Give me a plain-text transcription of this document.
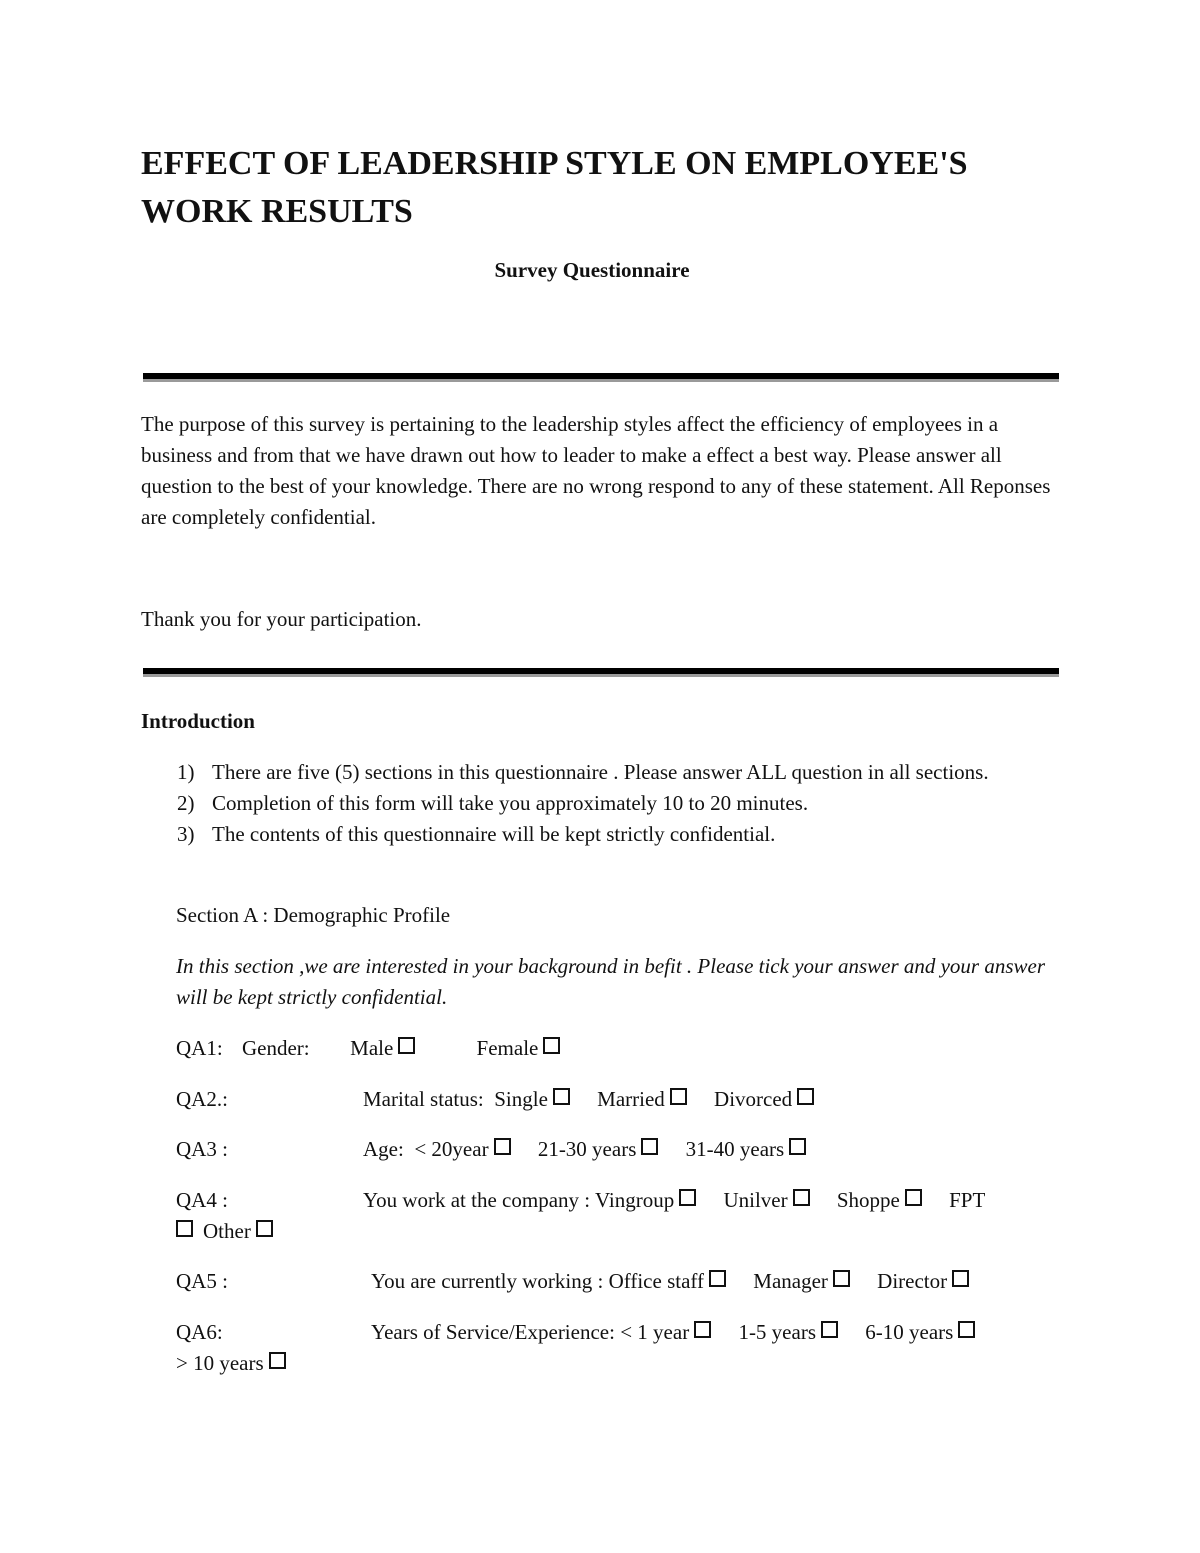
EFFECT OF LEADERSHIP STYLE ON EMPLOYEE'S WORK RESULTS

Survey Questionnaire

The purpose of this survey is pertaining to the leadership styles affect the efficiency of employees in a business and from that we have drawn out how to leader to make a effect a best way. Please answer all question to the best of your knowledge. There are no wrong respond to any of these statement. All Reponses are completely confidential.

Thank you for your participation.

Introduction

1) There are five (5) sections in this questionnaire . Please answer ALL question in all sections.
2) Completion of this form will take you approximately 10 to 20 minutes.
3) The contents of this questionnaire will be kept strictly confidential.

Section A : Demographic Profile

In this section ,we are interested in your background in befit . Please tick your answer and your answer will be kept strictly confidential.

QA1: Gender: Male	Female
QA2.:	Marital status: Single Married Divorced
QA3 :	Age: < 20year 21-30 years 31-40 years
QA4 :	You work at the company : Vingroup Unilver Shoppe FPT
Other
QA5 :	You are currently working : Office staff Manager Director
QA6:	Years of Service/Experience: < 1 year 1-5 years 6-10 years
> 10 years
